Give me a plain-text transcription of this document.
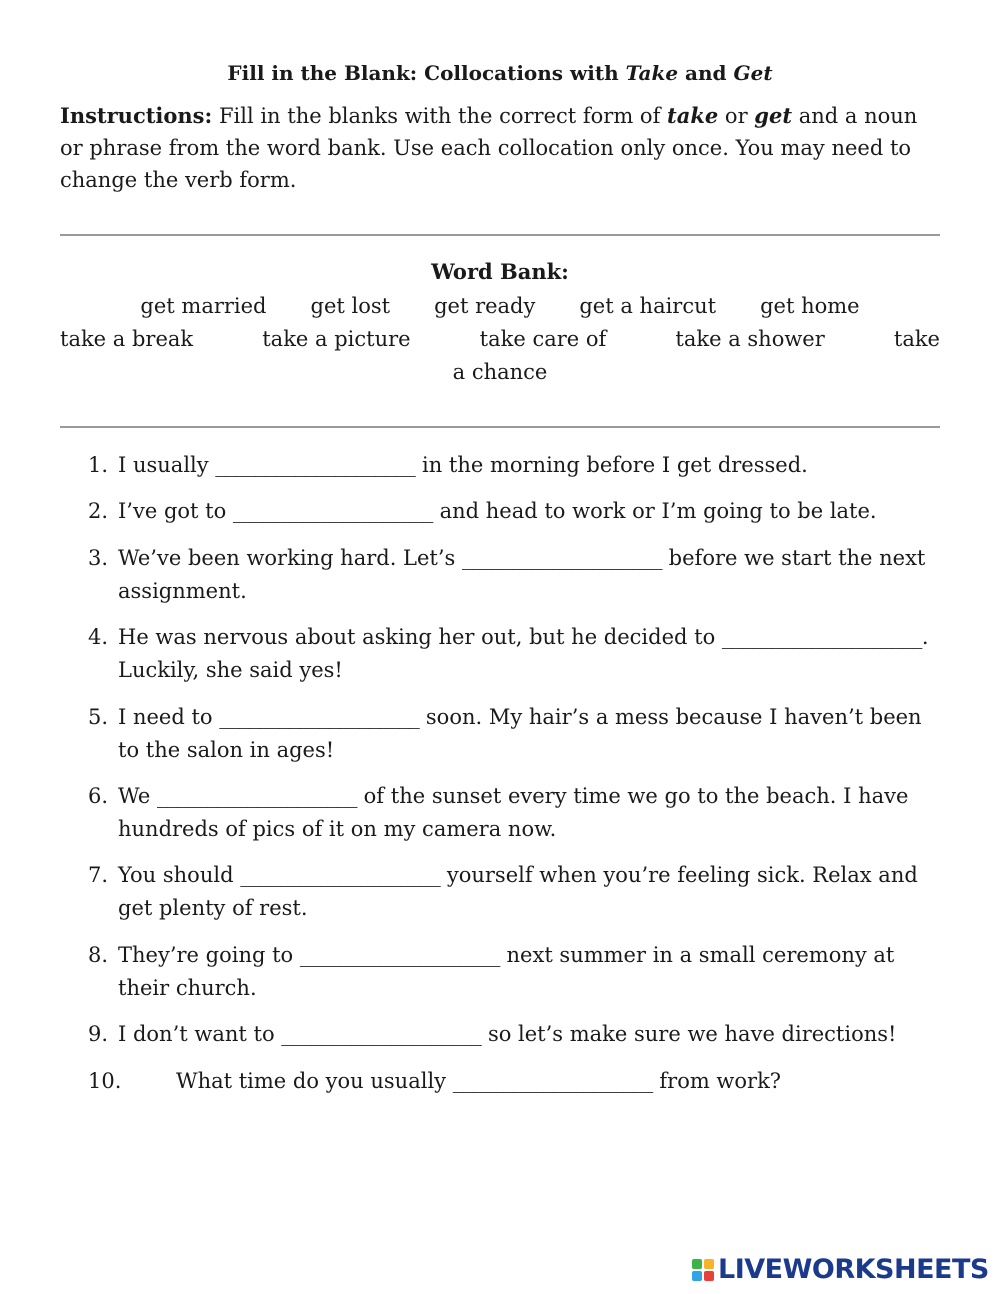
Fill in the Blank: Collocations with Take and Get
Instructions: Fill in the blanks with the correct form of take or get and a noun or phrase from the word bank. Use each collocation only once. You may need to change the verb form.
Word Bank:
get married get lost get ready get a haircut get home
take a break	take a picture	take care of	take a shower	take
a chance
1. I usually ____________________ in the morning before I get dressed.
2. I’ve got to ____________________ and head to work or I’m going to be late.
3. We’ve been working hard. Let’s ____________________ before we start the next assignment.
4. He was nervous about asking her out, but he decided to ____________________. Luckily, she said yes!
5. I need to ____________________ soon. My hair’s a mess because I haven’t been to the salon in ages!
6. We ____________________ of the sunset every time we go to the beach. I have hundreds of pics of it on my camera now.
7. You should ____________________ yourself when you’re feeling sick. Relax and get plenty of rest.
8. They’re going to ____________________ next summer in a small ceremony at their church.
9. I don’t want to ____________________ so let’s make sure we have directions!
10.	What time do you usually ____________________ from work?
LIVEWORKSHEETS
